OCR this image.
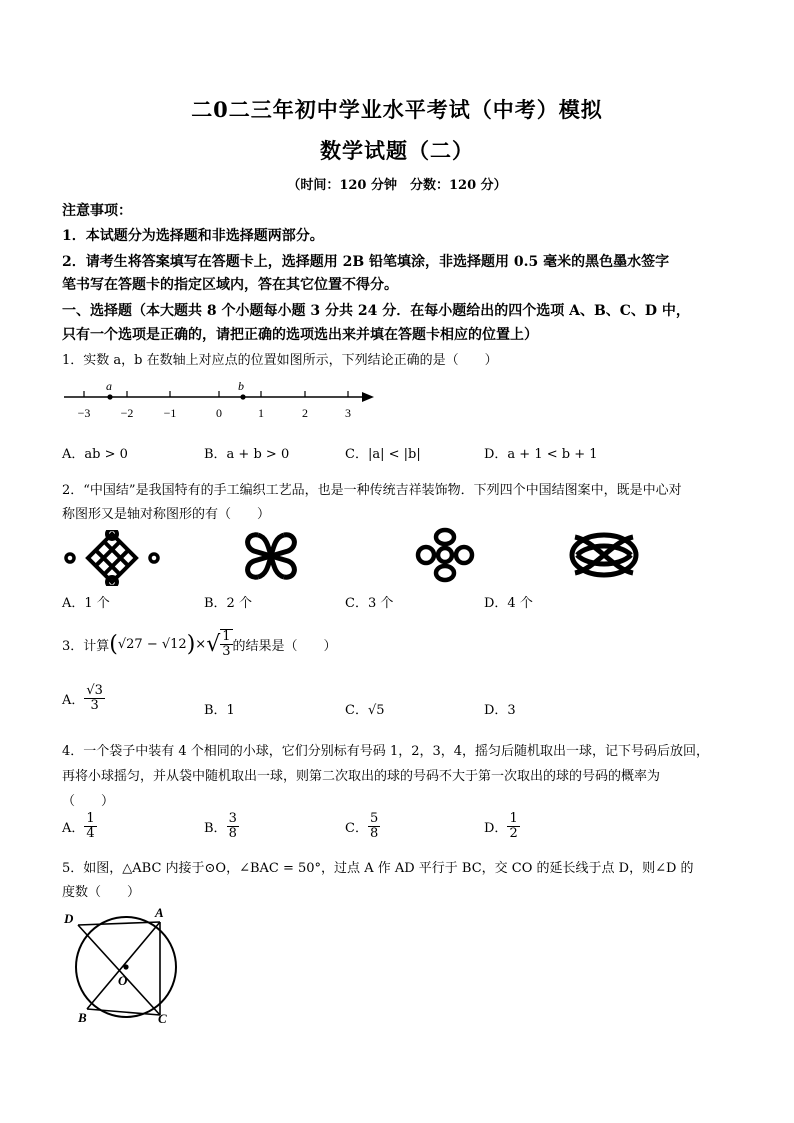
二0二三年初中学业水平考试（中考）模拟
数学试题（二）
（时间：120 分钟　分数：120 分）
注意事项：
1．本试题分为选择题和非选择题两部分。
2．请考生将答案填写在答题卡上，选择题用 2B 铅笔填涂，非选择题用 0.5 毫米的黑色墨水签字
笔书写在答题卡的指定区域内，答在其它位置不得分。
一、选择题（本大题共 8 个小题每小题 3 分共 24 分．在每小题给出的四个选项 A、B、C、D 中，
只有一个选项是正确的，请把正确的选项选出来并填在答题卡相应的位置上）
1．实数 a，b 在数轴上对应点的位置如图所示，下列结论正确的是（　　）
a	b
−3	−2	−1	0	1	2	3
A．ab > 0	B．a + b > 0	C．|a| < |b|	D．a + 1 < b + 1
2．“中国结”是我国特有的手工编织工艺品，也是一种传统吉祥装饰物．下列四个中国结图案中，既是中心对
称图形又是轴对称图形的有（　　）
A．1 个	B．2 个	C．3 个	D．4 个
3．计算 ( √27 − √12 ) × √ $\frac{1}{3}$ 的结果是（　　）
A． $\frac{√3}{3}$	B．1	C．√5	D．3
4．一个袋子中装有 4 个相同的小球，它们分别标有号码 1，2，3，4，摇匀后随机取出一球，记下号码后放回，
再将小球摇匀，并从袋中随机取出一球，则第二次取出的球的号码不大于第一次取出的球的号码的概率为
（　　）
A． $\frac{1}{4}$	B． $\frac{3}{8}$	C． $\frac{5}{8}$	D． $\frac{1}{2}$
5．如图，△ABC 内接于⊙O，∠BAC = 50°，过点 A 作 AD 平行于 BC，交 CO 的延长线于点 D，则∠D 的
度数（　　）
D	A
O
B	C
